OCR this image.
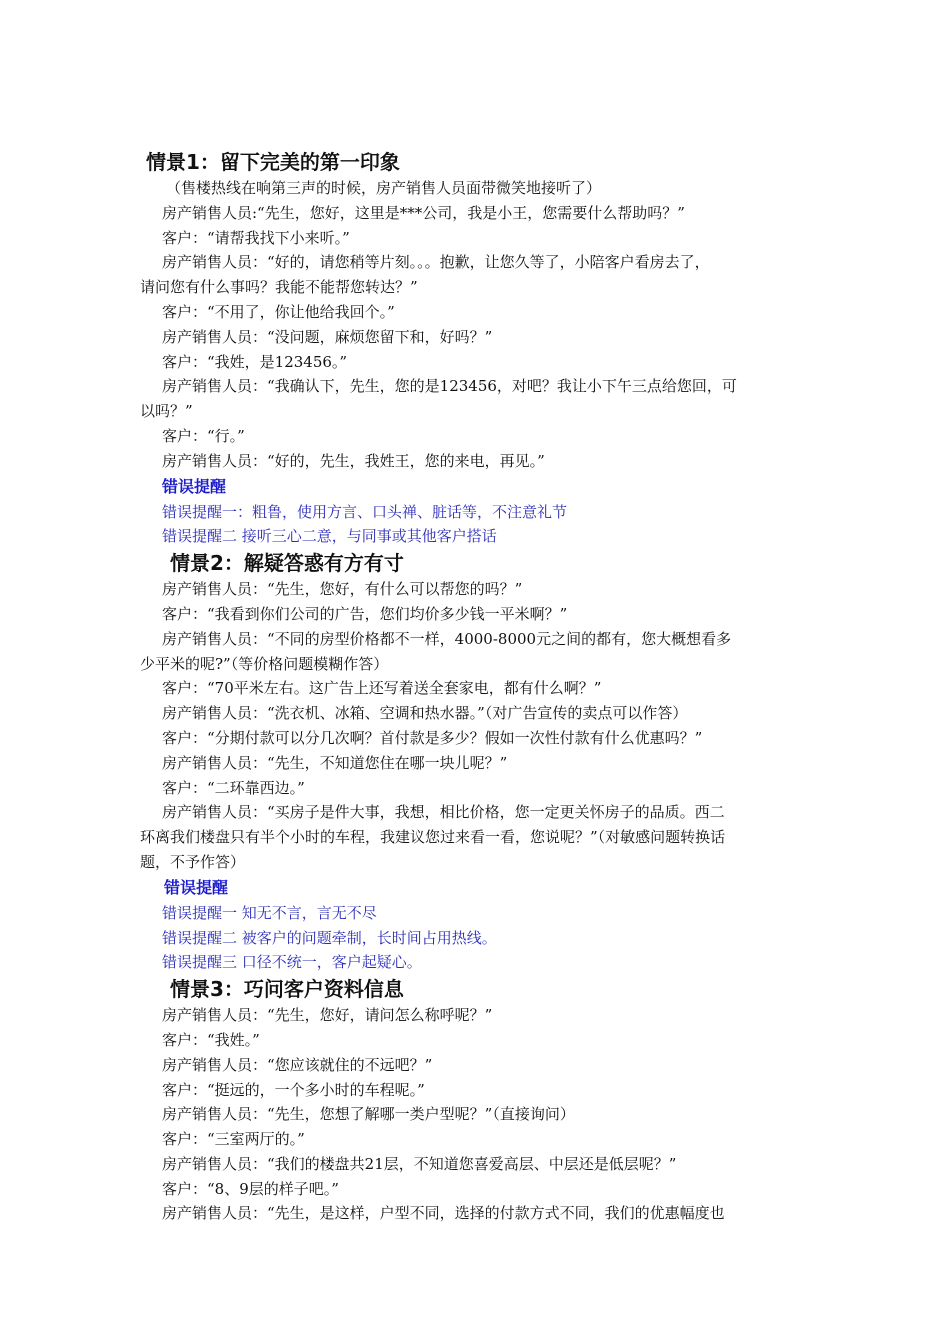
情景1：留下完美的第一印象
（售楼热线在响第三声的时候，房产销售人员面带微笑地接听了）
房产销售人员:“先生，您好，这里是***公司，我是小王，您需要什么帮助吗？”
客户：“请帮我找下小来听。”
房产销售人员：“好的，请您稍等片刻。。。抱歉，让您久等了，小陪客户看房去了，
请问您有什么事吗？我能不能帮您转达？”
客户：“不用了，你让他给我回个。”
房产销售人员：“没问题，麻烦您留下和，好吗？”
客户：“我姓，是123456。”
房产销售人员：“我确认下，先生，您的是123456，对吧？我让小下午三点给您回，可
以吗？”
客户：“行。”
房产销售人员：“好的，先生，我姓王，您的来电，再见。”
错误提醒
错误提醒一：粗鲁，使用方言、口头禅、脏话等，不注意礼节
错误提醒二 接听三心二意，与同事或其他客户搭话
情景2：解疑答惑有方有寸
房产销售人员：“先生，您好，有什么可以帮您的吗？”
客户：“我看到你们公司的广告，您们均价多少钱一平米啊？”
房产销售人员：“不同的房型价格都不一样，4000-8000元之间的都有，您大概想看多
少平米的呢?”（等价格问题模糊作答）
客户：“70平米左右。这广告上还写着送全套家电，都有什么啊？”
房产销售人员：“洗衣机、冰箱、空调和热水器。”（对广告宣传的卖点可以作答）
客户：“分期付款可以分几次啊？首付款是多少？假如一次性付款有什么优惠吗？”
房产销售人员：“先生，不知道您住在哪一块儿呢？”
客户：“二环靠西边。”
房产销售人员：“买房子是件大事，我想，相比价格，您一定更关怀房子的品质。西二
环离我们楼盘只有半个小时的车程，我建议您过来看一看，您说呢？”（对敏感问题转换话
题，不予作答）
错误提醒
错误提醒一 知无不言，言无不尽
错误提醒二 被客户的问题牵制，长时间占用热线。
错误提醒三 口径不统一，客户起疑心。
情景3：巧问客户资料信息
房产销售人员：“先生，您好，请问怎么称呼呢？”
客户：“我姓。”
房产销售人员：“您应该就住的不远吧？”
客户：“挺远的，一个多小时的车程呢。”
房产销售人员：“先生，您想了解哪一类户型呢？”（直接询问）
客户：“三室两厅的。”
房产销售人员：“我们的楼盘共21层，不知道您喜爱高层、中层还是低层呢？”
客户：“8、9层的样子吧。”
房产销售人员：“先生，是这样，户型不同，选择的付款方式不同，我们的优惠幅度也
